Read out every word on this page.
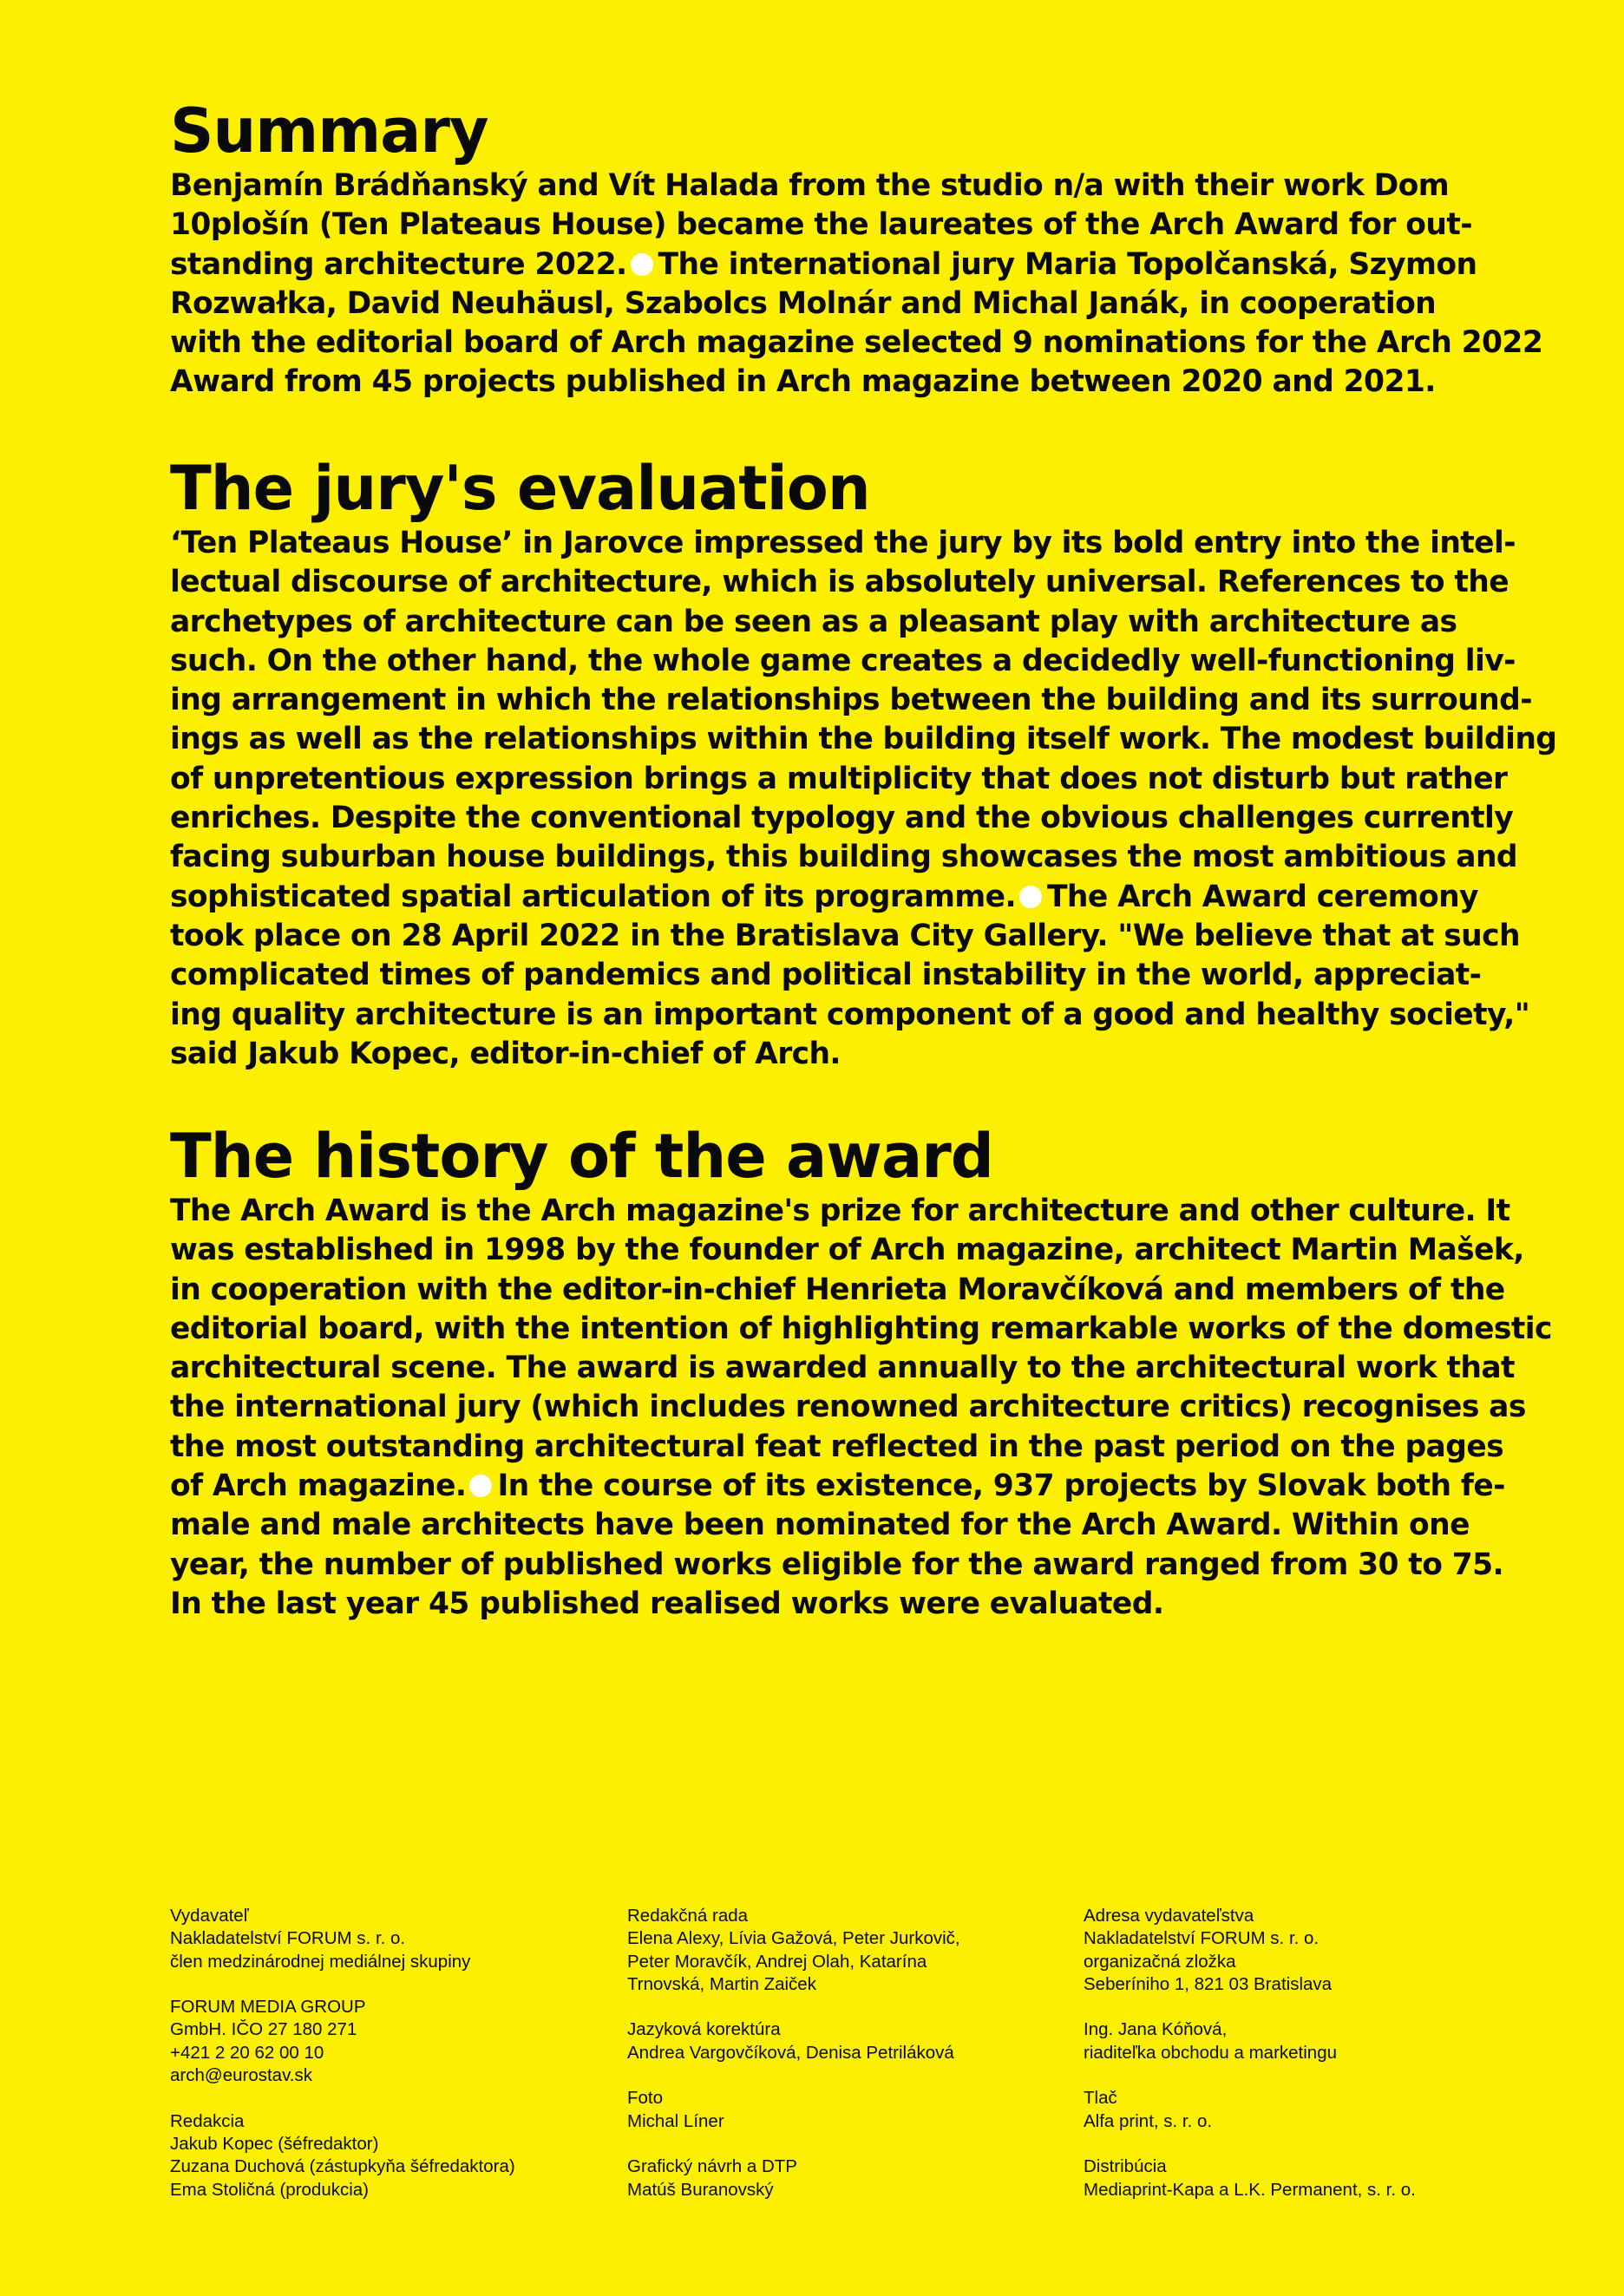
Summary
Benjamín Brádňanský and Vít Halada from the studio n/a with their work Dom
10plošín (Ten Plateaus House) became the laureates of the Arch Award for out-
standing architecture 2022. The international jury Maria Topolčanská, Szymon
Rozwałka, David Neuhäusl, Szabolcs Molnár and Michal Janák, in cooperation
with the editorial board of Arch magazine selected 9 nominations for the Arch 2022
Award from 45 projects published in Arch magazine between 2020 and 2021.
The jury's evaluation
‘Ten Plateaus House’ in Jarovce impressed the jury by its bold entry into the intel-
lectual discourse of architecture, which is absolutely universal. References to the
archetypes of architecture can be seen as a pleasant play with architecture as
such. On the other hand, the whole game creates a decidedly well-functioning liv-
ing arrangement in which the relationships between the building and its surround-
ings as well as the relationships within the building itself work. The modest building
of unpretentious expression brings a multiplicity that does not disturb but rather
enriches. Despite the conventional typology and the obvious challenges currently
facing suburban house buildings, this building showcases the most ambitious and
sophisticated spatial articulation of its programme. The Arch Award ceremony
took place on 28 April 2022 in the Bratislava City Gallery. "We believe that at such
complicated times of pandemics and political instability in the world, appreciat-
ing quality architecture is an important component of a good and healthy society,"
said Jakub Kopec, editor-in-chief of Arch.
The history of the award
The Arch Award is the Arch magazine's prize for architecture and other culture. It
was established in 1998 by the founder of Arch magazine, architect Martin Mašek,
in cooperation with the editor-in-chief Henrieta Moravčíková and members of the
editorial board, with the intention of highlighting remarkable works of the domestic
architectural scene. The award is awarded annually to the architectural work that
the international jury (which includes renowned architecture critics) recognises as
the most outstanding architectural feat reflected in the past period on the pages
of Arch magazine. In the course of its existence, 937 projects by Slovak both fe-
male and male architects have been nominated for the Arch Award. Within one
year, the number of published works eligible for the award ranged from 30 to 75.
In the last year 45 published realised works were evaluated.
Vydavateľ
Nakladatelství FORUM s. r. o.
člen medzinárodnej mediálnej skupiny
FORUM MEDIA GROUP
GmbH. IČO 27 180 271
+421 2 20 62 00 10
arch@eurostav.sk
Redakcia
Jakub Kopec (šéfredaktor)
Zuzana Duchová (zástupkyňa šéfredaktora)
Ema Stoličná (produkcia)
Redakčná rada
Elena Alexy, Lívia Gažová, Peter Jurkovič,
Peter Moravčík, Andrej Olah, Katarína
Trnovská, Martin Zaiček
Jazyková korektúra
Andrea Vargovčíková, Denisa Petriláková
Foto
Michal Líner
Grafický návrh a DTP
Matúš Buranovský
Adresa vydavateľstva
Nakladatelství FORUM s. r. o.
organizačná zložka
Seberíniho 1, 821 03 Bratislava
Ing. Jana Kóňová,
riaditeľka obchodu a marketingu
Tlač
Alfa print, s. r. o.
Distribúcia
Mediaprint-Kapa a L.K. Permanent, s. r. o.
